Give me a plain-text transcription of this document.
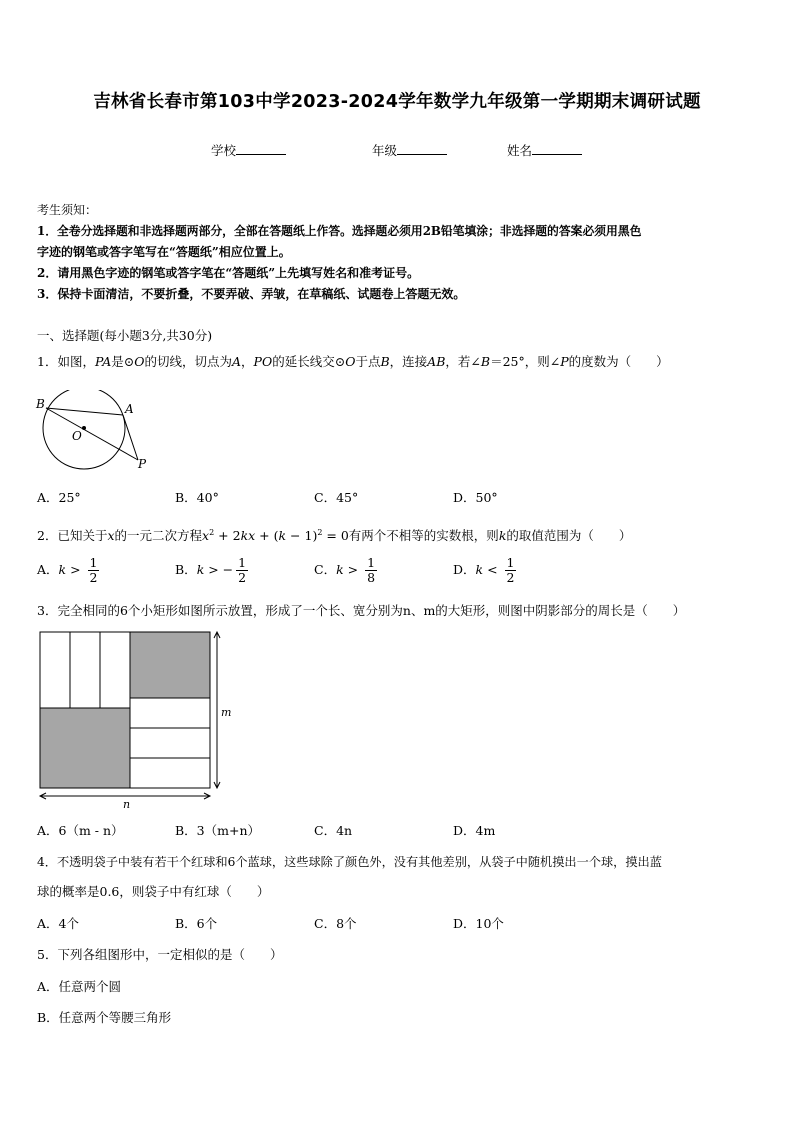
吉林省长春市第103中学2023-2024学年数学九年级第一学期期末调研试题
学校	年级	姓名
考生须知：
1．全卷分选择题和非选择题两部分，全部在答题纸上作答。选择题必须用2B铅笔填涂；非选择题的答案必须用黑色
字迹的钢笔或答字笔写在“答题纸”相应位置上。
2．请用黑色字迹的钢笔或答字笔在“答题纸”上先填写姓名和准考证号。
3．保持卡面清洁，不要折叠，不要弄破、弄皱，在草稿纸、试题卷上答题无效。
一、选择题(每小题3分,共30分)
1．如图，PA是⊙O的切线，切点为A，PO的延长线交⊙O于点B，连接AB，若∠B＝25°，则∠P的度数为（　　）
B	A
O
P
A．25°	B．40°	C．45°	D．50°
2．已知关于x的一元二次方程$x^2 + 2kx + (k - 1)^2 = 0$有两个不相等的实数根，则k的取值范围为（　　）
A．$k > \frac{1}{2}$	B．k > − $\frac{1}{2}$	C．$k > \frac{1}{8}$	D．$k < \frac{1}{2}$
3．完全相同的6个小矩形如图所示放置，形成了一个长、宽分别为n、m的大矩形，则图中阴影部分的周长是（　　）
m
n
A．6（m - n）	B．3（m+n）	C．4n	D．4m
4．不透明袋子中装有若干个红球和6个蓝球，这些球除了颜色外，没有其他差别，从袋子中随机摸出一个球，摸出蓝
球的概率是0.6，则袋子中有红球（　　）
A．4个	B．6个	C．8个	D．10个
5．下列各组图形中，一定相似的是（　　）
A．任意两个圆
B．任意两个等腰三角形
